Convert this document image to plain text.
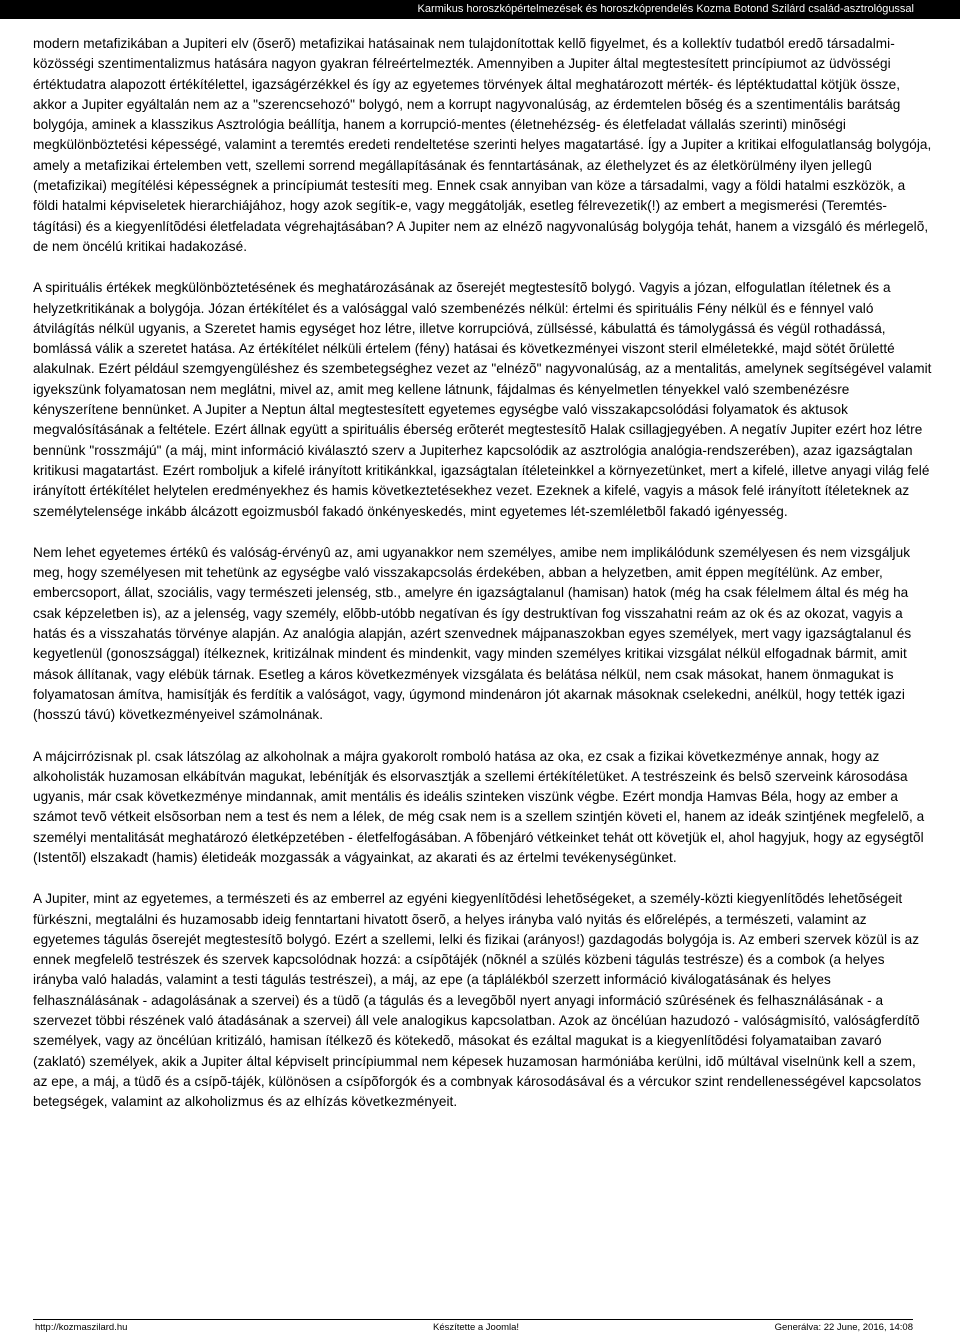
Karmikus horoszkópértelmezések és horoszkóprendelés Kozma Botond Szilárd család-asztrológussal

modern metafizikában a Jupiteri elv (õserõ) metafizikai hatásainak nem tulajdonítottak kellõ figyelmet, és a kollektív tudatból eredõ társadalmi-közösségi szentimentalizmus hatására nagyon gyakran félreértelmezték. Amennyiben a Jupiter által megtestesített princípiumot az üdvösségi értéktudatra alapozott értékítélettel, igazságérzékkel és így az egyetemes törvények által meghatározott mérték- és léptéktudattal kötjük össze, akkor a Jupiter egyáltalán nem az a "szerencsehozó" bolygó, nem a korrupt nagyvonalúság, az érdemtelen bõség és a szentimentális barátság bolygója, aminek a klasszikus Asztrológia beállítja, hanem a korrupció-mentes (életnehézség- és életfeladat vállalás szerinti) minõségi megkülönböztetési képességé, valamint a teremtés eredeti rendeltetése szerinti helyes magatartásé. Így a Jupiter a kritikai elfogulatlanság bolygója, amely a metafizikai értelemben vett, szellemi sorrend megállapításának és fenntartásának, az élethelyzet és az életkörülmény ilyen jellegû (metafizikai) megítélési képességnek a princípiumát testesíti meg. Ennek csak annyiban van köze a társadalmi, vagy a földi hatalmi eszközök, a földi hatalmi képviseletek hierarchiájához, hogy azok segítik-e, vagy meggátolják, esetleg félrevezetik(!) az embert a megismerési (Teremtés-tágítási) és a kiegyenlítõdési életfeladata végrehajtásában? A Jupiter nem az elnézõ nagyvonalúság bolygója tehát, hanem a vizsgáló és mérlegelõ, de nem öncélú kritikai hadakozásé.

A spirituális értékek megkülönböztetésének és meghatározásának az õserejét megtestesítõ bolygó. Vagyis a józan, elfogulatlan ítéletnek és a helyzetkritikának a bolygója. Józan értékítélet és a valósággal való szembenézés nélkül: értelmi és spirituális Fény nélkül és e fénnyel való átvilágítás nélkül ugyanis, a Szeretet hamis egységet hoz létre, illetve korrupcióvá, züllséssé, kábulattá és támolygássá és végül rothadássá, bomlássá válik a szeretet hatása. Az értékítélet nélküli értelem (fény) hatásai és következményei viszont steril elméletekké, majd sötét õrületté alakulnak. Ezért például szemgyengüléshez és szembetegséghez vezet az "elnézõ" nagyvonalúság, az a mentalitás, amelynek segítségével valamit igyekszünk folyamatosan nem meglátni, mivel az, amit meg kellene látnunk, fájdalmas és kényelmetlen tényekkel való szembenézésre kényszerítene bennünket. A Jupiter a Neptun által megtestesített egyetemes egységbe való visszakapcsolódási folyamatok és aktusok megvalósításának a feltétele. Ezért állnak együtt a spirituális éberség erõterét megtestesítõ Halak csillagjegyében. A negatív Jupiter ezért hoz létre bennünk "rosszmájú" (a máj, mint információ kiválasztó szerv a Jupiterhez kapcsolódik az asztrológia analógia-rendszerében), azaz igazságtalan kritikusi magatartást. Ezért romboljuk a kifelé irányított kritikánkkal, igazságtalan ítéleteinkkel a környezetünket, mert a kifelé, illetve anyagi világ felé irányított értékítélet helytelen eredményekhez és hamis következtetésekhez vezet. Ezeknek a kifelé, vagyis a mások felé irányított ítéleteknek az személytelensége inkább álcázott egoizmusból fakadó önkényeskedés, mint egyetemes lét-szemléletbõl fakadó igényesség.

Nem lehet egyetemes értékû és valóság-érvényû az, ami ugyanakkor nem személyes, amibe nem implikálódunk személyesen és nem vizsgáljuk meg, hogy személyesen mit tehetünk az egységbe való visszakapcsolás érdekében, abban a helyzetben, amit éppen megítélünk. Az ember, embercsoport, állat, szociális, vagy természeti jelenség, stb., amelyre én igazságtalanul (hamisan) hatok (még ha csak félelmem által és még ha csak képzeletben is), az a jelenség, vagy személy, elõbb-utóbb negatívan és így destruktívan fog visszahatni reám az ok és az okozat, vagyis a hatás és a visszahatás törvénye alapján. Az analógia alapján, azért szenvednek májpanaszokban egyes személyek, mert vagy igazságtalanul és kegyetlenül (gonoszsággal) ítélkeznek, kritizálnak mindent és mindenkit, vagy minden személyes kritikai vizsgálat nélkül elfogadnak bármit, amit mások állítanak, vagy elébük tárnak. Esetleg a káros következmények vizsgálata és belátása nélkül, nem csak másokat, hanem önmagukat is folyamatosan ámítva, hamisítják és ferdítik a valóságot, vagy, úgymond mindenáron jót akarnak másoknak cselekedni, anélkül, hogy tették igazi (hosszú távú) következményeivel számolnának.

A májcirrózisnak pl. csak látszólag az alkoholnak a májra gyakorolt romboló hatása az oka, ez csak a fizikai következménye annak, hogy az alkoholisták huzamosan elkábítván magukat, lebénítják és elsorvasztják a szellemi értékítéletüket. A testrészeink és belsõ szerveink károsodása ugyanis, már csak következménye mindannak, amit mentális és ideális szinteken viszünk végbe. Ezért mondja Hamvas Béla, hogy az ember a számot tevõ vétkeit elsõsorban nem a test és nem a lélek, de még csak nem is a szellem szintjén követi el, hanem az ideák szintjének megfelelõ, a személyi mentalitását meghatározó életképzetében - életfelfogásában. A fõbenjáró vétkeinket tehát ott követjük el, ahol hagyjuk, hogy az egységtõl (Istentõl) elszakadt (hamis) életideák mozgassák a vágyainkat, az akarati és az értelmi tevékenységünket.

A Jupiter, mint az egyetemes, a természeti és az emberrel az egyéni kiegyenlítõdési lehetõségeket, a személy-közti kiegyenlítõdés lehetõségeit fürkészni, megtalálni és huzamosabb ideig fenntartani hivatott õserõ, a helyes irányba való nyitás és előrelépés, a természeti, valamint az egyetemes tágulás õserejét megtestesítõ bolygó. Ezért a szellemi, lelki és fizikai (arányos!) gazdagodás bolygója is. Az emberi szervek közül is az ennek megfelelõ testrészek és szervek kapcsolódnak hozzá: a csípõtájék (nõknél a szülés közbeni tágulás testrésze) és a combok (a helyes irányba való haladás, valamint a testi tágulás testrészei), a máj, az epe (a táplálékból szerzett információ kiválogatásának és helyes felhasználásának - adagolásának a szervei) és a tüdõ (a tágulás és a levegõbõl nyert anyagi információ szûrésének és felhasználásának - a szervezet többi részének való átadásának a szervei) áll vele analogikus kapcsolatban. Azok az öncélúan hazudozó - valóságmisító, valóságferdítõ személyek, vagy az öncélúan kritizáló, hamisan ítélkezõ és kötekedõ, másokat és ezáltal magukat is a kiegyenlítõdési folyamataiban zavaró (zaklató) személyek, akik a Jupiter által képviselt princípiummal nem képesek huzamosan harmóniába kerülni, idõ múltával viselnünk kell a szem, az epe, a máj, a tüdõ és a csípõ-tájék, különösen a csípõforgók és a combnyak károsodásával és a vércukor szint rendellenességével kapcsolatos betegségek, valamint az alkoholizmus és az elhízás következményeit.

http://kozmaszilard.hu	Készítette a Joomla!	Generálva: 22 June, 2016, 14:08
